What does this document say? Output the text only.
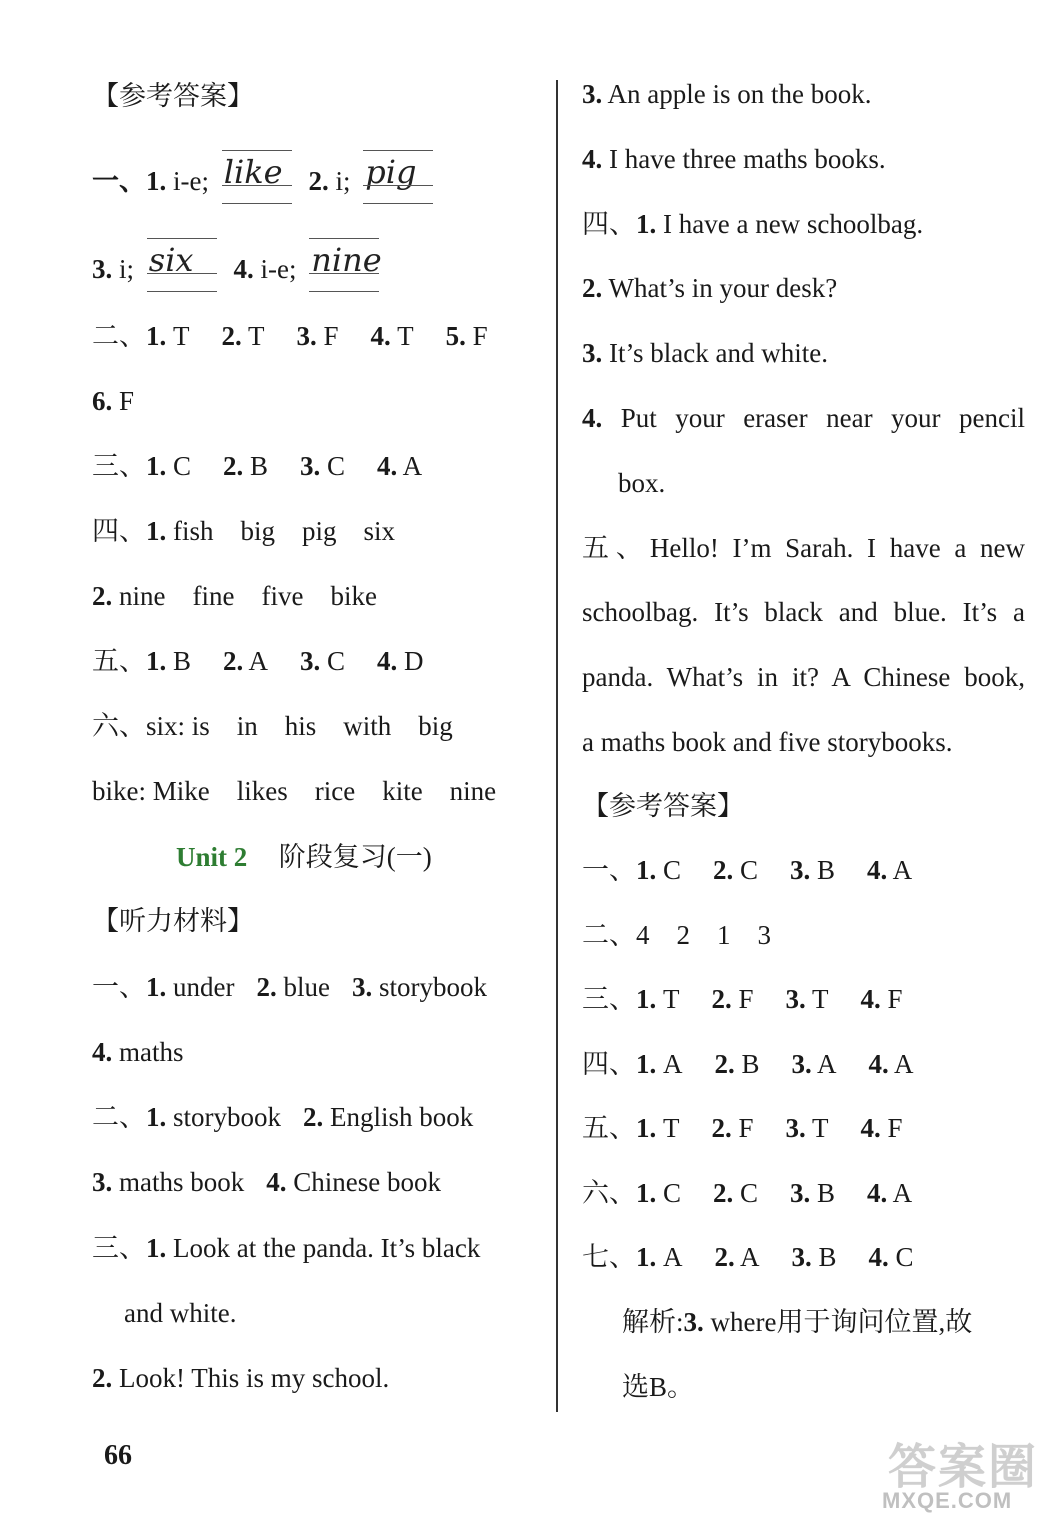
【参考答案】
一、1. i-e; like 2. i; pig
3. i; six 4. i-e; nine
二、1. T 2. T 3. F 4. T 5. F
6. F
三、1. C 2. B 3. C 4. A
四、1. fish　big　pig　six
2. nine　fine　five　bike
五、1. B 2. A 3. C 4. D
六、six: is　in　his　with　big
bike: Mike　likes　rice　kite　nine
Unit 2 阶段复习(一)
【听力材料】
一、1. under 2. blue 3. storybook
4. maths
二、1. storybook 2. English book
3. maths book 4. Chinese book
三、1. Look at the panda. It’s black
and white.
2. Look! This is my school.
3. An apple is on the book.
4. I have three maths books.
四、1. I have a new schoolbag.
2. What’s in your desk?
3. It’s black and white.
4. Put your eraser near your pencil
box.
五、Hello! I’m Sarah. I have a new
schoolbag. It’s black and blue. It’s a
panda. What’s in it? A Chinese book,
a maths book and five storybooks.
【参考答案】
一、1. C 2. C 3. B 4. A
二、4　2　1　3
三、1. T 2. F 3. T 4. F
四、1. A 2. B 3. A 4. A
五、1. T 2. F 3. T 4. F
六、1. C 2. C 3. B 4. A
七、1. A 2. A 3. B 4. C
解析:3. where用于询问位置,故
选B。
66	答案圈
MXQE.COM
